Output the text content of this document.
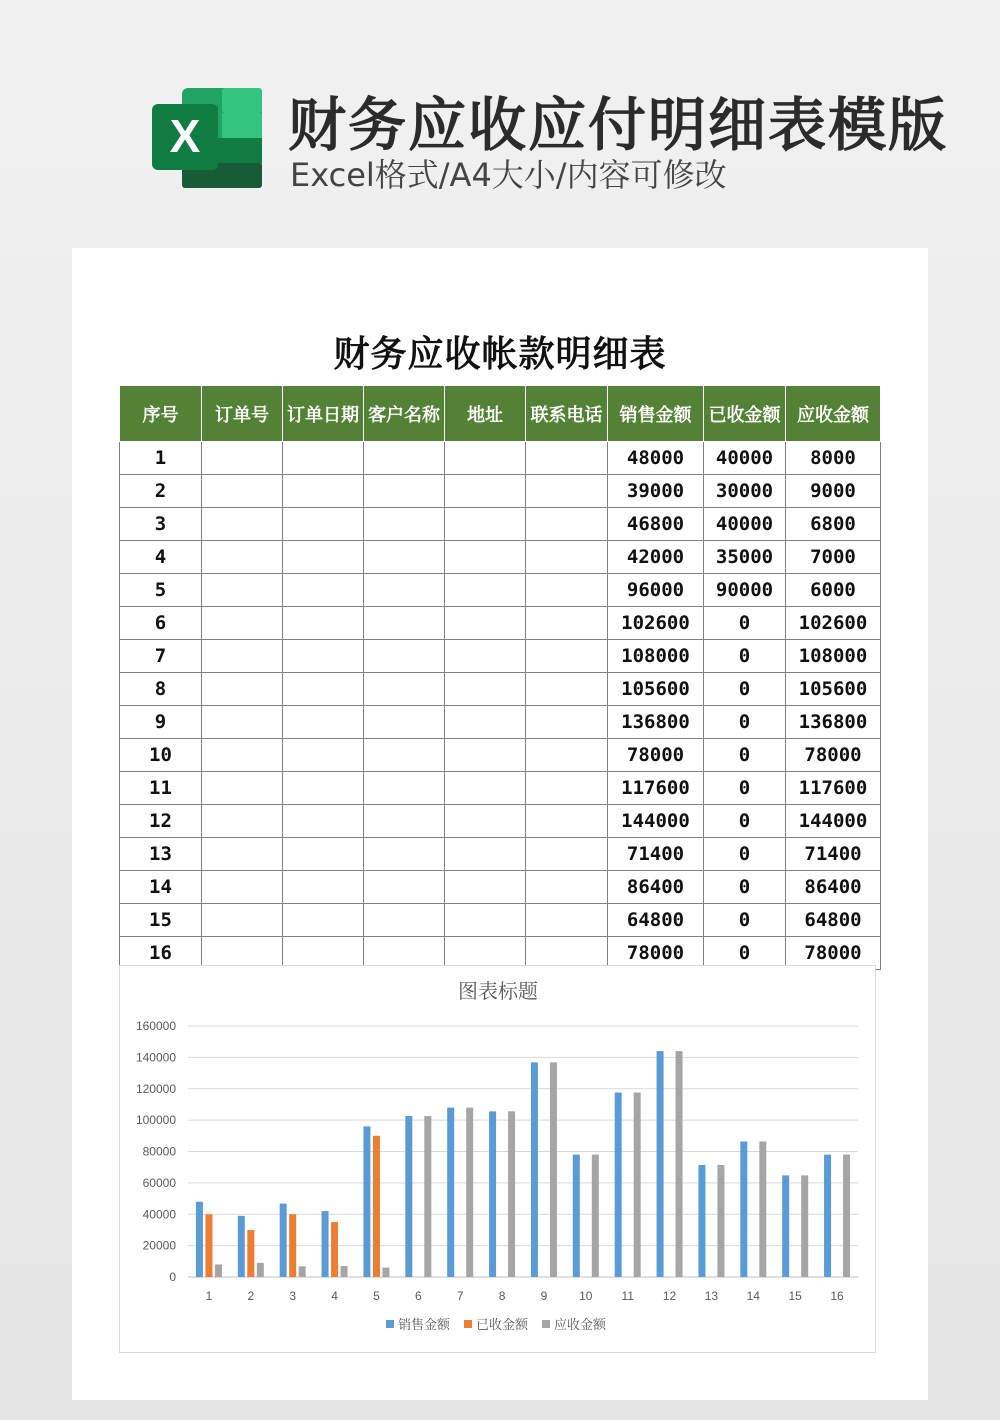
X 财务应收应付明细表模版
Excel格式/A4大小/内容可修改
财务应收帐款明细表
序号	订单号	订单日期	客户名称	地址	联系电话	销售金额	已收金额	应收金额
1						48000	40000	8000
2						39000	30000	9000
3						46800	40000	6800
4						42000	35000	7000
5						96000	90000	6000
6						102600	0	102600
7						108000	0	108000
8						105600	0	105600
9						136800	0	136800
10						78000	0	78000
11						117600	0	117600
12						144000	0	144000
13						71400	0	71400
14						86400	0	86400
15						64800	0	64800
16						78000	0	78000
图表标题
0
20000
40000
60000
80000
100000
120000
140000
160000
1	2	3	4	5	6	7	8	9	10 11 12 13 14 15 16
销售金额 已收金额 应收金额
